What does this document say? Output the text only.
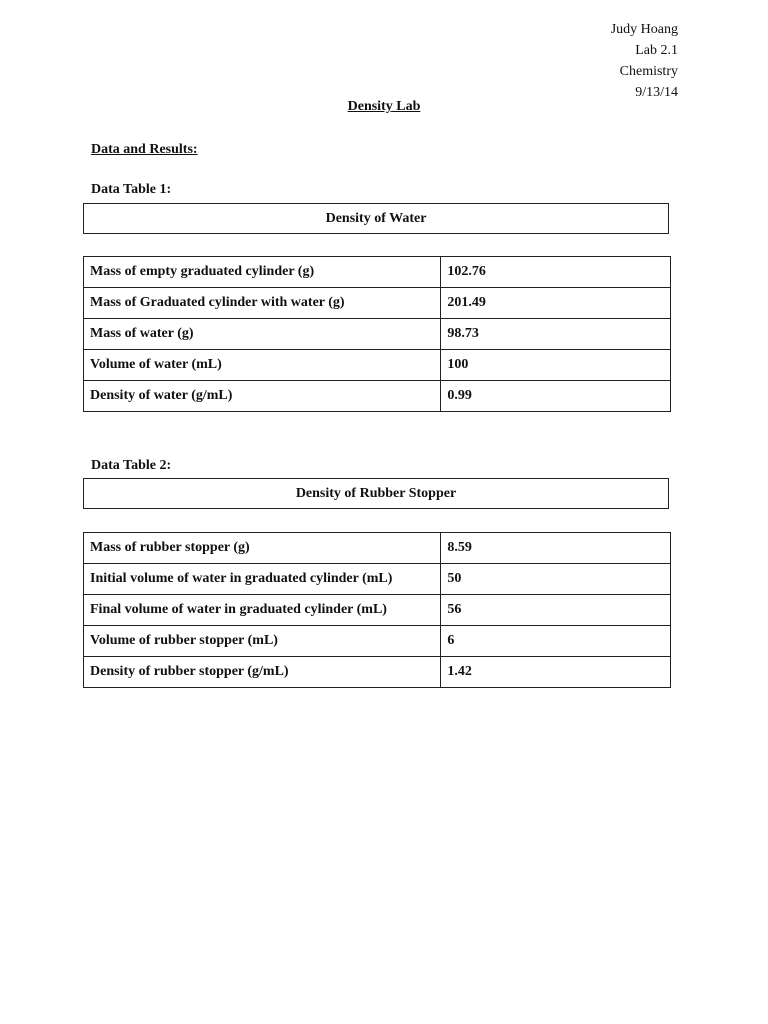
Judy Hoang
Lab 2.1
Chemistry
9/13/14
Density Lab
Data and Results:
Data Table 1:
Density of Water
Mass of empty graduated cylinder (g)	102.76
Mass of Graduated cylinder with water (g)	201.49
Mass of water (g)	98.73
Volume of water (mL)	100
Density of water (g/mL)	0.99
Data Table 2:
Density of Rubber Stopper
Mass of rubber stopper (g)	8.59
Initial volume of water in graduated cylinder (mL)	50
Final volume of water in graduated cylinder (mL)	56
Volume of rubber stopper (mL)	6
Density of rubber stopper (g/mL)	1.42
